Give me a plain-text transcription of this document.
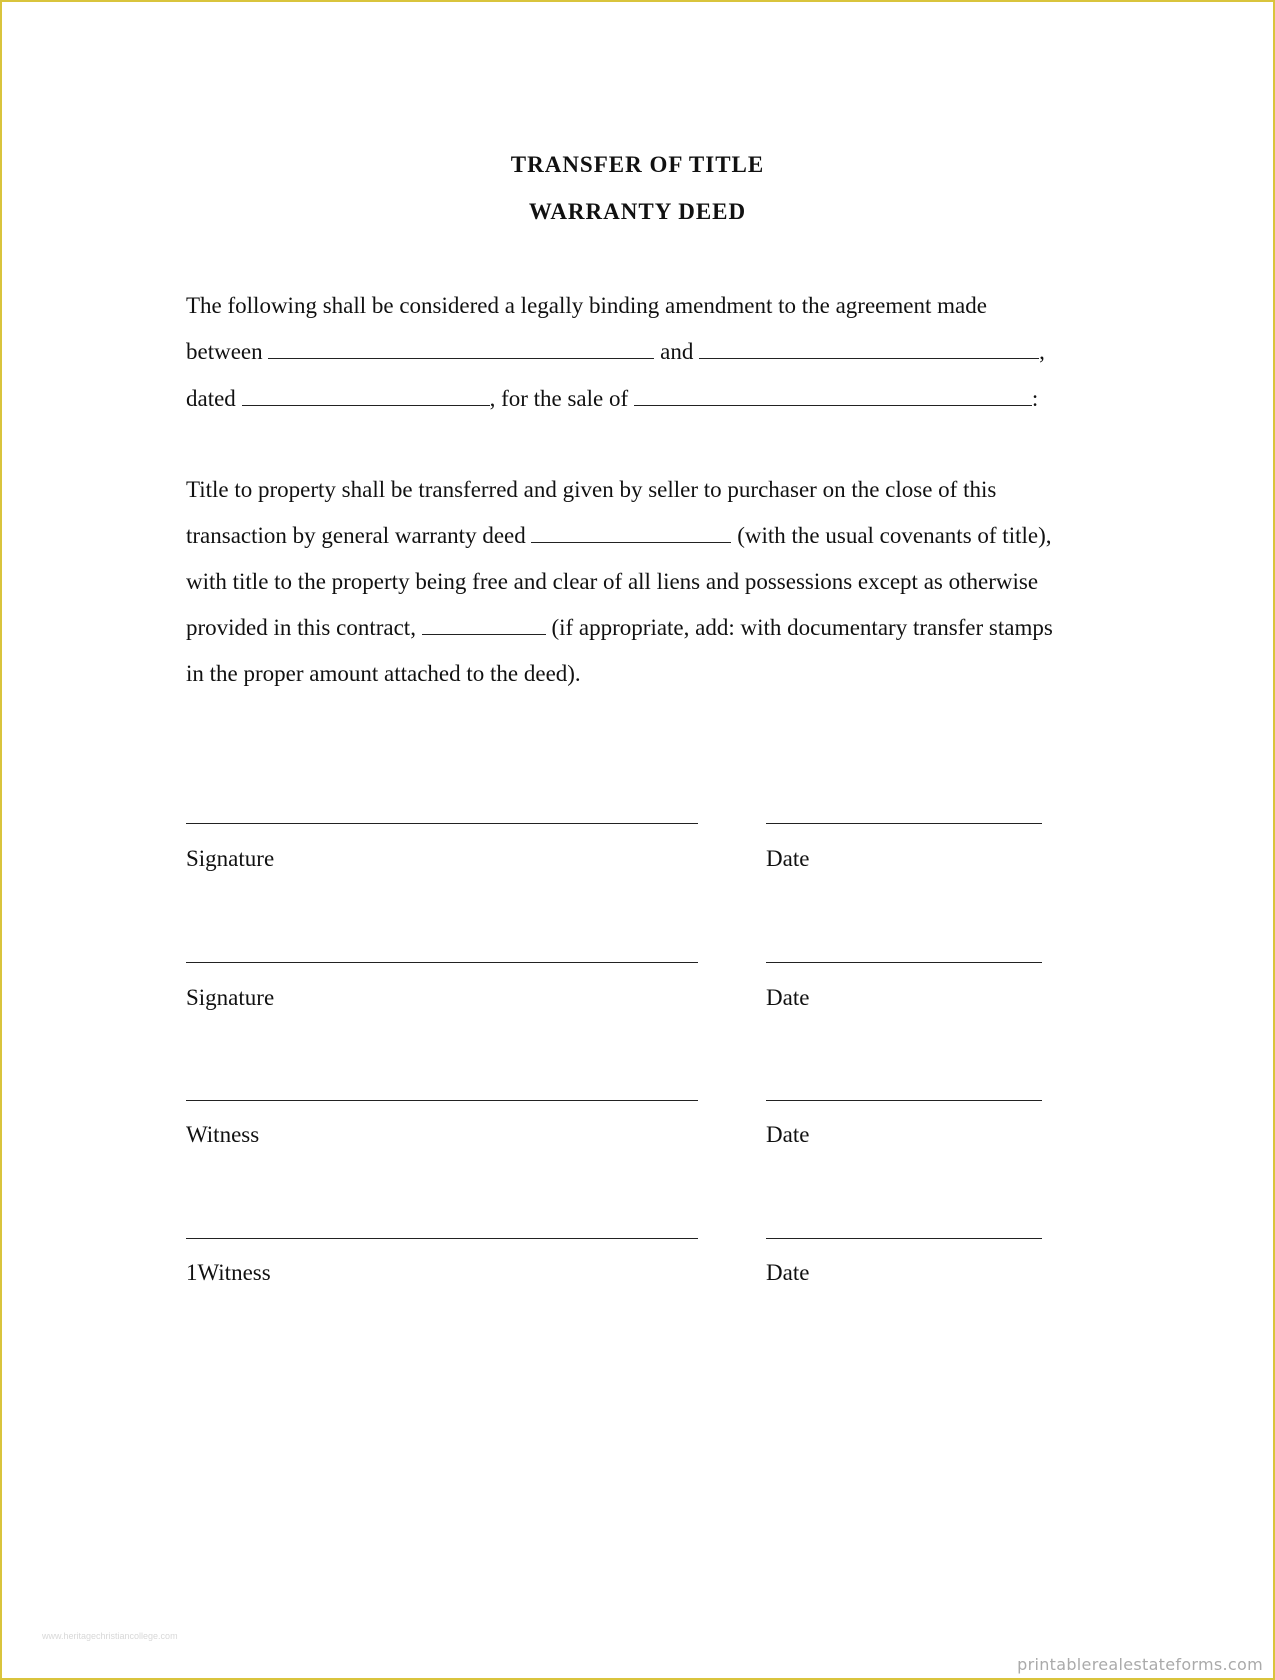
TRANSFER OF TITLE
WARRANTY DEED
The following shall be considered a legally binding amendment to the agreement made
between	and	,
dated	, for the sale of	:
Title to property shall be transferred and given by seller to purchaser on the close of this
transaction by general warranty deed	(with the usual covenants of title),
with title to the property being free and clear of all liens and possessions except as otherwise
provided in this contract,	(if appropriate, add: with documentary transfer stamps
in the proper amount attached to the deed).
Signature	Date
Signature	Date
Witness	Date
1Witness	Date
www.heritagechristiancollege.com
printablerealestateforms.com
